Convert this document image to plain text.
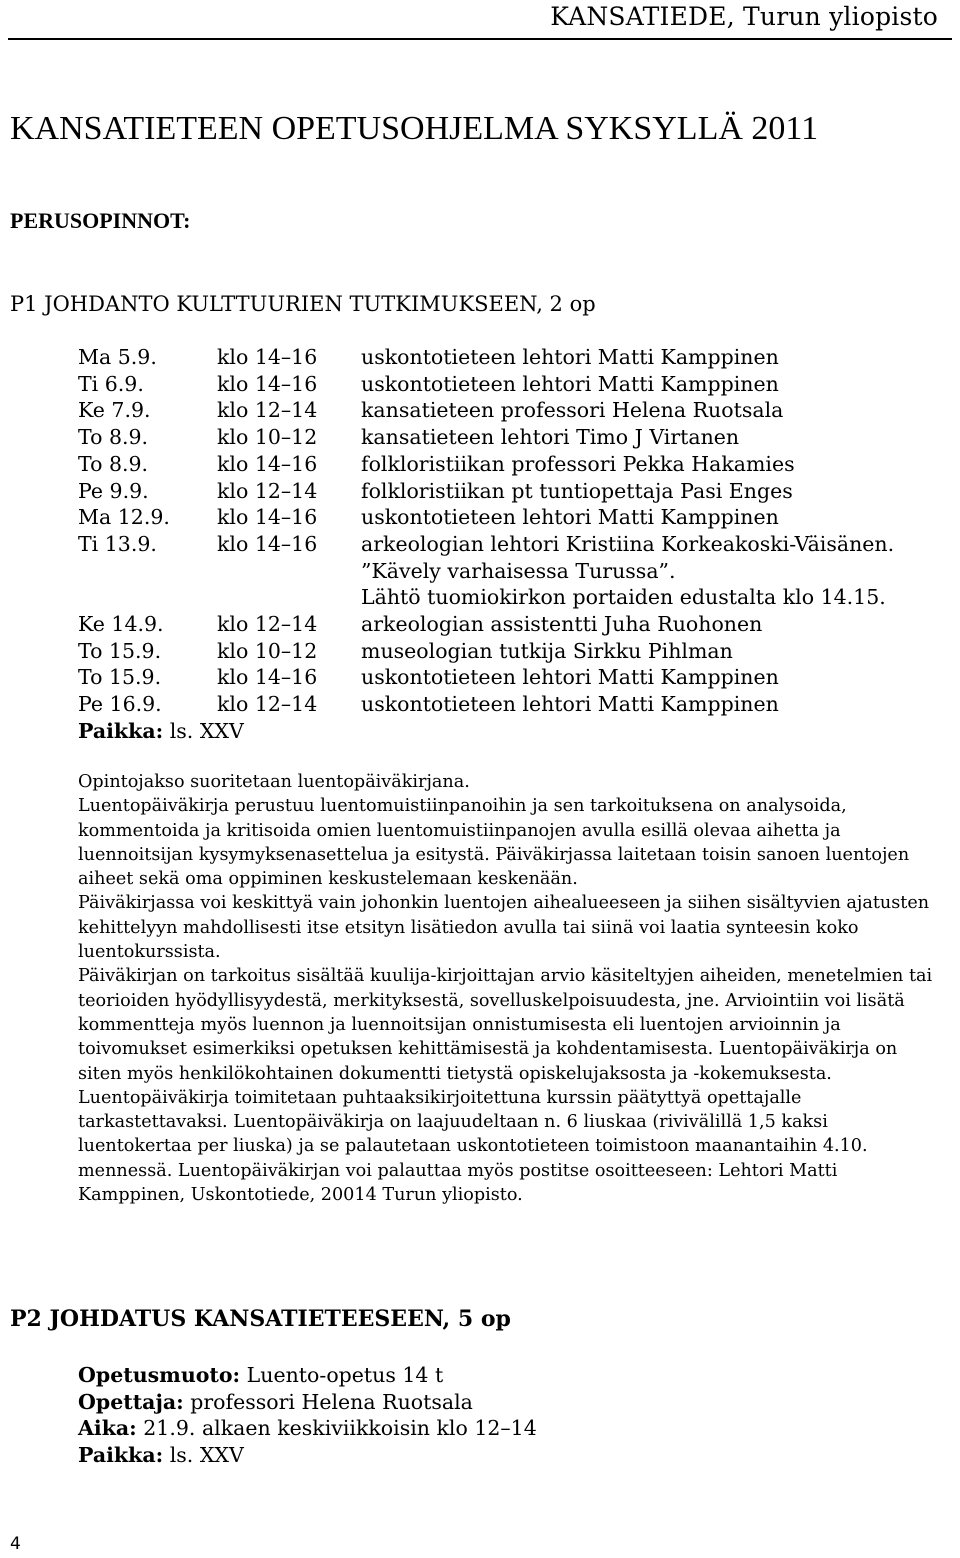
KANSATIEDE, Turun yliopisto
KANSATIETEEN OPETUSOHJELMA SYKSYLLÄ 2011
PERUSOPINNOT:
P1 JOHDANTO KULTTUURIEN TUTKIMUKSEEN, 2 op
Ma 5.9.	klo 14–16	uskontotieteen lehtori Matti Kamppinen
Ti 6.9.	klo 14–16	uskontotieteen lehtori Matti Kamppinen
Ke 7.9.	klo 12–14	kansatieteen professori Helena Ruotsala
To 8.9.	klo 10–12	kansatieteen lehtori Timo J Virtanen
To 8.9.	klo 14–16	folkloristiikan professori Pekka Hakamies
Pe 9.9.	klo 12–14	folkloristiikan pt tuntiopettaja Pasi Enges
Ma 12.9.	klo 14–16	uskontotieteen lehtori Matti Kamppinen
Ti 13.9.	klo 14–16	arkeologian lehtori Kristiina Korkeakoski-Väisänen.
”Kävely varhaisessa Turussa”.
Lähtö tuomiokirkon portaiden edustalta klo 14.15.
Ke 14.9.	klo 12–14	arkeologian assistentti Juha Ruohonen
To 15.9.	klo 10–12	museologian tutkija Sirkku Pihlman
To 15.9.	klo 14–16	uskontotieteen lehtori Matti Kamppinen
Pe 16.9.	klo 12–14	uskontotieteen lehtori Matti Kamppinen
Paikka: ls. XXV

Opintojakso suoritetaan luentopäiväkirjana.

Luentopäiväkirja perustuu luentomuistiinpanoihin ja sen tarkoituksena on analysoida, kommentoida ja kritisoida omien luentomuistiinpanojen avulla esillä olevaa aihetta ja luennoitsijan kysymyksenasettelua ja esitystä. Päiväkirjassa laitetaan toisin sanoen luentojen aiheet sekä oma oppiminen keskustelemaan keskenään.

Päiväkirjassa voi keskittyä vain johonkin luentojen aihealueeseen ja siihen sisältyvien ajatusten kehittelyyn mahdollisesti itse etsityn lisätiedon avulla tai siinä voi laatia synteesin koko luentokurssista.

Päiväkirjan on tarkoitus sisältää kuulija-kirjoittajan arvio käsiteltyjen aiheiden, menetelmien tai teorioiden hyödyllisyydestä, merkityksestä, sovelluskelpoisuudesta, jne. Arviointiin voi lisätä kommentteja myös luennon ja luennoitsijan onnistumisesta eli luentojen arvioinnin ja toivomukset esimerkiksi opetuksen kehittämisestä ja kohdentamisesta. Luentopäiväkirja on siten myös henkilökohtainen dokumentti tietystä opiskelujaksosta ja -kokemuksesta.

Luentopäiväkirja toimitetaan puhtaaksikirjoitettuna kurssin päätyttyä opettajalle tarkastettavaksi. Luentopäiväkirja on laajuudeltaan n. 6 liuskaa (rivivälillä 1,5 kaksi luentokertaa per liuska) ja se palautetaan uskontotieteen toimistoon maanantaihin 4.10. mennessä. Luentopäiväkirjan voi palauttaa myös postitse osoitteeseen: Lehtori Matti Kamppinen, Uskontotiede, 20014 Turun yliopisto.

P2 JOHDATUS KANSATIETEESEEN, 5 op
Opetusmuoto: Luento-opetus 14 t
Opettaja: professori Helena Ruotsala
Aika: 21.9. alkaen keskiviikkoisin klo 12–14
Paikka: ls. XXV
4
